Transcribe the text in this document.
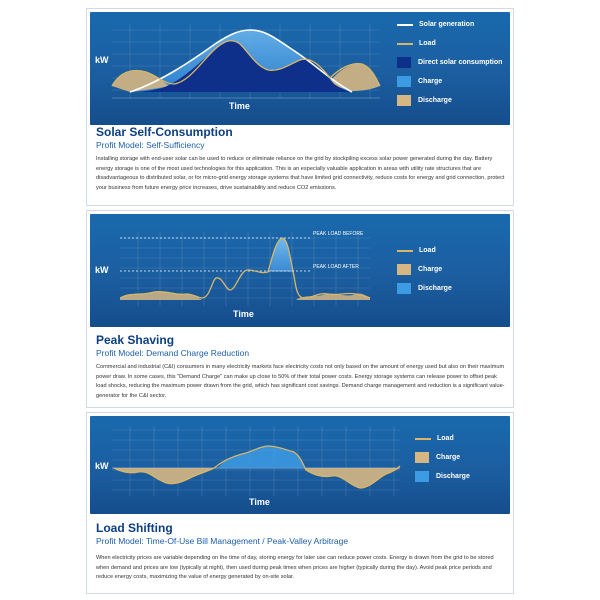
kW
Time
Solar generation
Load
Direct solar consumption
Charge
Discharge
Solar Self-Consumption
Profit Model: Self-Sufficiency

Installing storage with end-user solar can be used to reduce or eliminate reliance on the grid by stockpiling excess solar power generated during the day. Battery energy storage is one of the most used technologies for this application. This is an especially valuable application in areas with utility rate structures that are disadvantageous to distributed solar, or for micro-grid energy storage systems that have limited grid connectivity, reduce costs for energy and grid connection, protect your business from future energy price increases, drive sustainability and reduce CO2 emissions.

kW
Time
PEAK LOAD BEFORE
PEAK LOAD AFTER
Load
Charge
Discharge
Peak Shaving
Profit Model: Demand Charge Reduction

Commercial and industrial (C&I) consumers in many electricity markets face electricity costs not only based on the amount of energy used but also on their maximum power draw. In some cases, this "Demand Charge" can make up close to 50% of their total power costs. Energy storage systems can release power to offset peak load shocks, reducing the maximum power drawn from the grid, which has significant cost savings. Demand charge management and reduction is a significant value-generator for the C&I sector.

kW
Time
Load
Charge
Discharge
Load Shifting
Profit Model: Time-Of-Use Bill Management / Peak-Valley Arbitrage

When electricity prices are variable depending on the time of day, storing energy for later use can reduce power costs. Energy is drawn from the grid to be stored when demand and prices are low (typically at night), then used during peak times when prices are higher (typically during the day). Avoid peak price periods and reduce energy costs, maximizing the value of energy generated by on-site solar.
